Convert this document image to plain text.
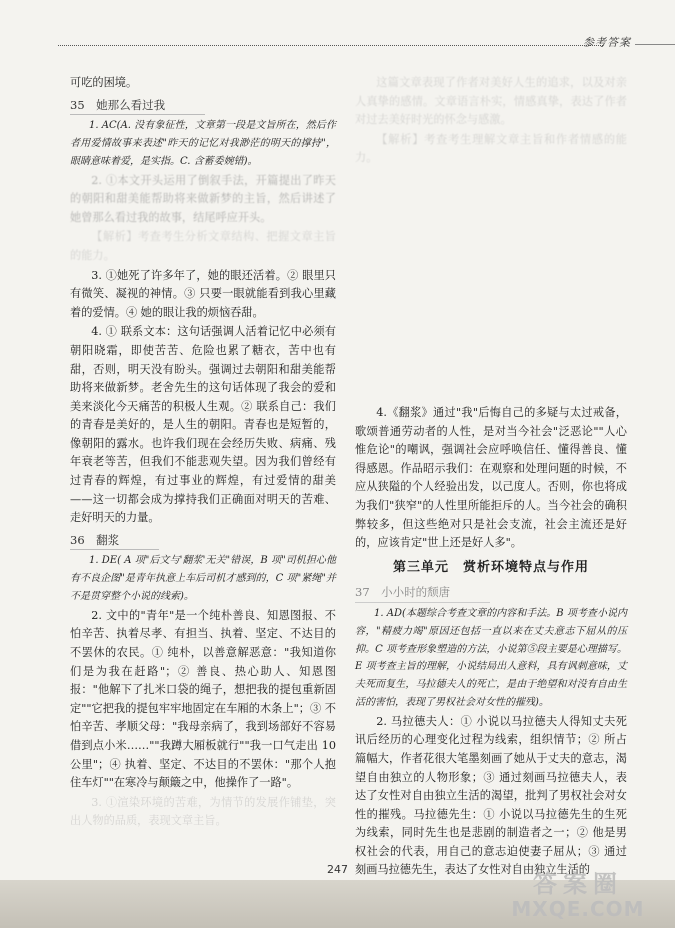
参考答案

可吃的困境。

35　她那么看过我

1. AC(A. 没有象征性，文章第一段是文旨所在，然后作者用爱情故事来表述"昨天的记忆对我渺茫的明天的撑持"，眼睛意味着爱，是实指。C. 含蓄委婉错)。

2. ①本文开头运用了倒叙手法，开篇提出了昨天的朝阳和甜美能帮助将来做新梦的主旨，然后讲述了她曾那么看过我的故事，结尾呼应开头。

【解析】考查考生分析文章结构、把握文章主旨的能力。

3. ①她死了许多年了，她的眼还活着。② 眼里只有微笑、凝视的神情。③ 只要一眼就能看到我心里藏着的爱情。④ 她的眼让我的烦恼吞甜。

4. ① 联系文本：这句话强调人活着记忆中必须有朝阳晓霜，即使苦苦、危险也累了糖衣，苦中也有甜，否则，明天没有盼头。强调过去朝阳和甜美能帮助将来做新梦。老舍先生的这句话体现了我会的爱和美来淡化今天痛苦的积极人生观。② 联系自己：我们的青春是美好的，是人生的朝阳。青春也是短暂的，像朝阳的露水。也许我们现在会经历失败、病痛、残年衰老等苦，但我们不能悲观失望。因为我们曾经有过青春的辉煌，有过事业的辉煌，有过爱情的甜美——这一切都会成为撑持我们正确面对明天的苦难、走好明天的力量。

36　翻浆

1. DE( A 项"后文与'翻浆'无关"错误，B 项"司机担心他有不良企图"是青年执意上车后司机才感到的，C 项"紧绳"并不是贯穿整个小说的线索)。

2. 文中的"青年"是一个纯朴善良、知恩图报、不怕辛苦、执着尽孝、有担当、执着、坚定、不达目的不罢休的农民。① 纯朴，以善意解恶意："我知道你们是为我在赶路"；② 善良、热心助人、知恩图报："他解下了扎米口袋的绳子，想把我的提包重新固定""它把我的提包牢牢地固定在车厢的木条上"；③ 不怕辛苦、孝顺父母："我母亲病了，我到场部好不容易借到点小米……""我蹲大厢板就行""我一口气走出 10 公里"；④ 执着、坚定、不达目的不罢休："那个人抱住车灯""在寒冷与颠簸之中，他操作了一路"。

3. ①渲染环境的苦难，为情节的发展作铺垫，突出人物的品质，表现文章主旨。

这篇文章表现了作者对美好人生的追求，以及对亲人真挚的感情。文章语言朴实，情感真挚，表达了作者对过去美好时光的怀念与感激。

【解析】考查考生理解文章主旨和作者情感的能力。

4.《翻浆》通过"我"后悔自己的多疑与太过戒备，歌颂普通劳动者的人性，是对当今社会"泛恶论""人心惟危论"的嘲讽，强调社会应呼唤信任、懂得善良、懂得感恩。作品昭示我们：在观察和处理问题的时候，不应从狭隘的个人经验出发，以己度人。否则，你也将成为我们"狭窄"的人性里所能拒斥的人。当今社会的确积弊较多，但这些绝对只是社会支流，社会主流还是好的，应该肯定"世上还是好人多"。

第三单元　赏析环境特点与作用
37　小小时的颓唐

1. AD(本题综合考查文章的内容和手法。B 项考查小说内容，"精疲力竭"原因还包括一直以来在丈夫意志下屈从的压抑。C 项考查形象塑造的方法，小说第⑤段主要是心理描写。E 项考查主旨的理解，小说结局出人意料，具有讽刺意味，丈夫死而复生，马拉德夫人的死亡，是由于绝望和对没有自由生活的害怕，表现了男权社会对女性的摧残)。

2. 马拉德夫人：① 小说以马拉德夫人得知丈夫死讯后经历的心理变化过程为线索，组织情节；② 所占篇幅大，作者花很大笔墨刻画了她从于丈夫的意志，渴望自由独立的人物形象；③ 通过刻画马拉德夫人，表达了女性对自由独立生活的渴望，批判了男权社会对女性的摧残。马拉德先生：① 小说以马拉德先生的生死为线索，同时先生也是悲剧的制造者之一；② 他是男权社会的代表，用自己的意志迫使妻子屈从；③ 通过刻画马拉德先生，表达了女性对自由独立生活的

247
答案圈
MXQE.COM
